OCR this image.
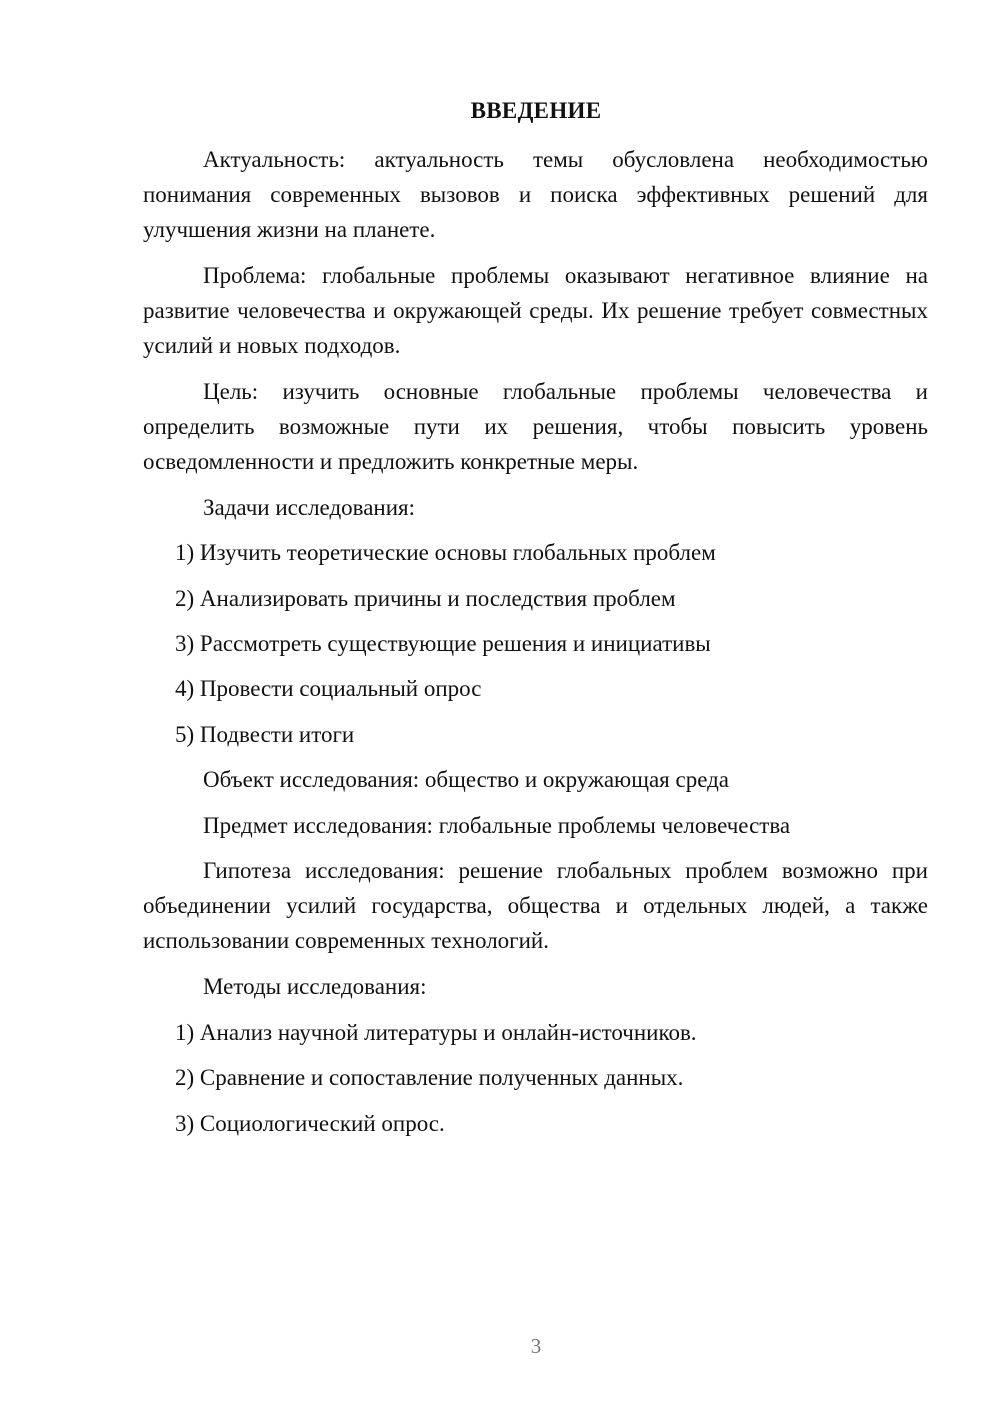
ВВЕДЕНИЕ

Актуальность: актуальность темы обусловлена необходимостью понимания современных вызовов и поиска эффективных решений для улучшения жизни на планете.

Проблема: глобальные проблемы оказывают негативное влияние на развитие человечества и окружающей среды. Их решение требует совместных усилий и новых подходов.

Цель: изучить основные глобальные проблемы человечества и определить возможные пути их решения, чтобы повысить уровень осведомленности и предложить конкретные меры.

Задачи исследования:

1) Изучить теоретические основы глобальных проблем

2) Анализировать причины и последствия проблем

3) Рассмотреть существующие решения и инициативы

4) Провести социальный опрос

5) Подвести итоги

Объект исследования: общество и окружающая среда

Предмет исследования: глобальные проблемы человечества

Гипотеза исследования: решение глобальных проблем возможно при объединении усилий государства, общества и отдельных людей, а также использовании современных технологий.

Методы исследования:

1) Анализ научной литературы и онлайн-источников.

2) Сравнение и сопоставление полученных данных.

3) Социологический опрос.

3
